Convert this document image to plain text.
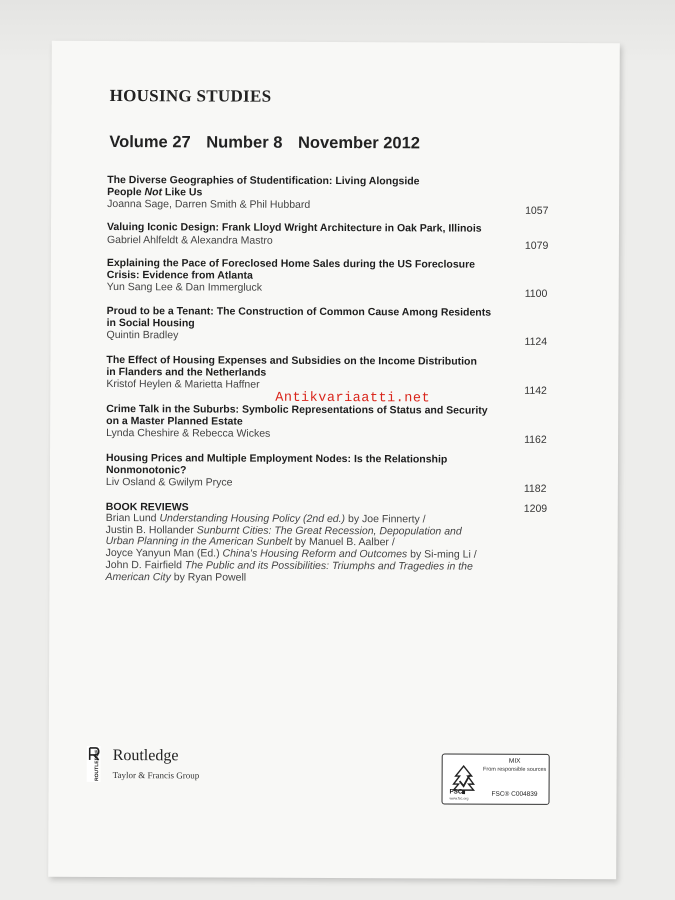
HOUSING STUDIES
Volume 27 Number 8 November 2012
The Diverse Geographies of Studentification: Living Alongside
People Not Like Us
Joanna Sage, Darren Smith & Phil Hubbard	1057
Valuing Iconic Design: Frank Lloyd Wright Architecture in Oak Park, Illinois
Gabriel Ahlfeldt & Alexandra Mastro	1079
Explaining the Pace of Foreclosed Home Sales during the US Foreclosure
Crisis: Evidence from Atlanta
Yun Sang Lee & Dan Immergluck
1100
Proud to be a Tenant: The Construction of Common Cause Among Residents
in Social Housing
Quintin Bradley
1124
The Effect of Housing Expenses and Subsidies on the Income Distribution
in Flanders and the Netherlands
Kristof Heylen & Marietta Haffner
1142
Crime Talk in the Suburbs: Symbolic Representations of Status and Security
on a Master Planned Estate
Lynda Cheshire & Rebecca Wickes
1162
Housing Prices and Multiple Employment Nodes: Is the Relationship
Nonmonotonic?
Liv Osland & Gwilym Pryce
1182
BOOK REVIEWS	1209
Brian Lund Understanding Housing Policy (2nd ed.) by Joe Finnerty /
Justin B. Hollander Sunburnt Cities: The Great Recession, Depopulation and
Urban Planning in the American Sunbelt by Manuel B. Aalber /
Joyce Yanyun Man (Ed.) China's Housing Reform and Outcomes by Si-ming Li /
John D. Fairfield The Public and its Possibilities: Triumphs and Tragedies in the
American City by Ryan Powell
Antikvariaatti.net
ROUTLEDGE Routledge
Taylor & Francis Group
FSC
www.fsc.org
MIX
From responsible sources
FSC® C004839
